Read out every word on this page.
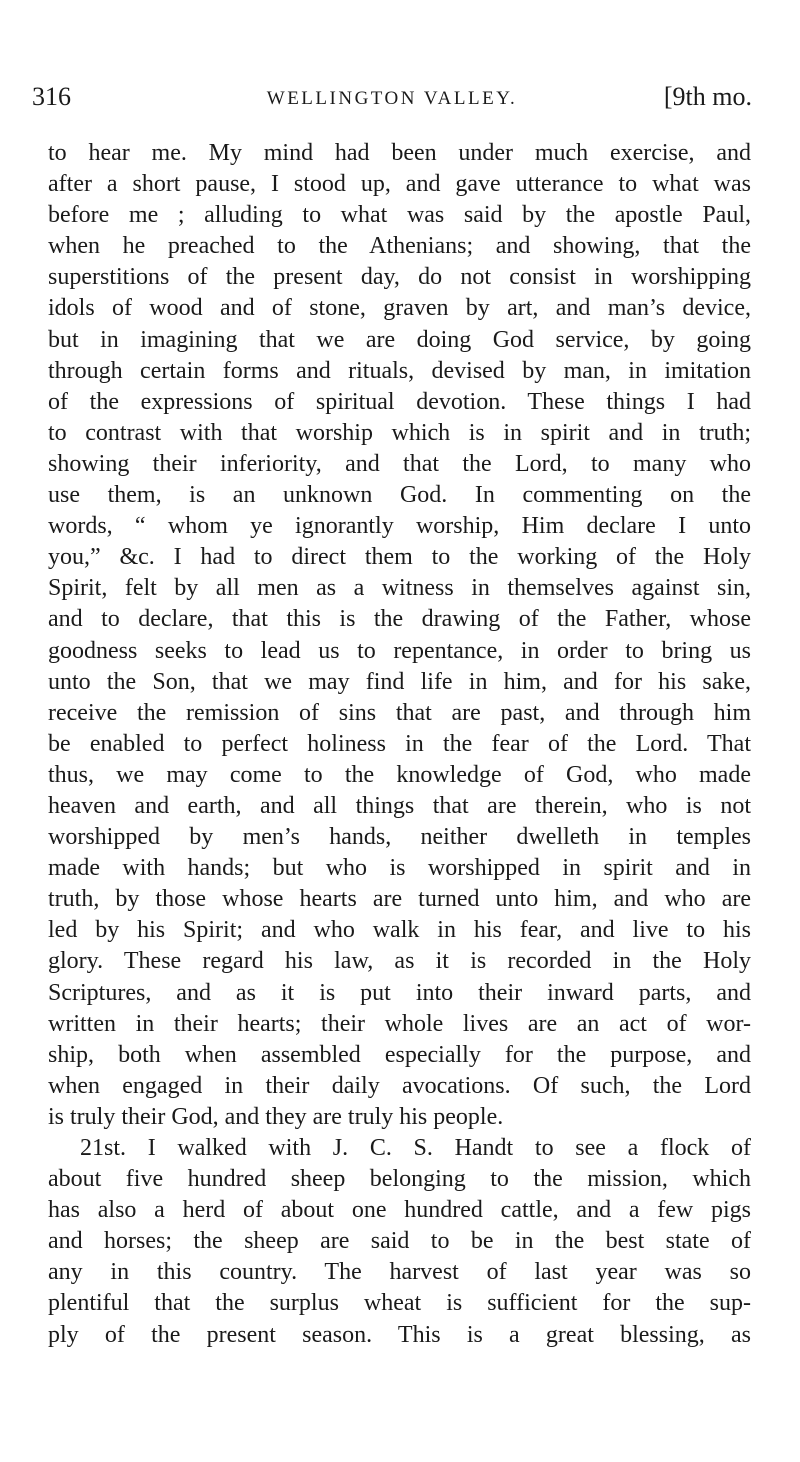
316	WELLINGTON VALLEY.	[9th mo.
to hear me. My mind had been under much exercise, and
after a short pause, I stood up, and gave utterance to what was
before me ; alluding to what was said by the apostle Paul,
when he preached to the Athenians; and showing, that the
superstitions of the present day, do not consist in worshipping
idols of wood and of stone, graven by art, and man’s device,
but in imagining that we are doing God service, by going
through certain forms and rituals, devised by man, in imitation
of the expressions of spiritual devotion. These things I had
to contrast with that worship which is in spirit and in truth;
showing their inferiority, and that the Lord, to many who
use them, is an unknown God. In commenting on the
words, “ whom ye ignorantly worship, Him declare I unto
you,” &c. I had to direct them to the working of the Holy
Spirit, felt by all men as a witness in themselves against sin,
and to declare, that this is the drawing of the Father, whose
goodness seeks to lead us to repentance, in order to bring us
unto the Son, that we may find life in him, and for his sake,
receive the remission of sins that are past, and through him
be enabled to perfect holiness in the fear of the Lord. That
thus, we may come to the knowledge of God, who made
heaven and earth, and all things that are therein, who is not
worshipped by men’s hands, neither dwelleth in temples
made with hands; but who is worshipped in spirit and in
truth, by those whose hearts are turned unto him, and who are
led by his Spirit; and who walk in his fear, and live to his
glory. These regard his law, as it is recorded in the Holy
Scriptures, and as it is put into their inward parts, and
written in their hearts; their whole lives are an act of wor-
ship, both when assembled especially for the purpose, and
when engaged in their daily avocations. Of such, the Lord
is truly their God, and they are truly his people.
21st. I walked with J. C. S. Handt to see a flock of
about five hundred sheep belonging to the mission, which
has also a herd of about one hundred cattle, and a few pigs
and horses; the sheep are said to be in the best state of
any in this country. The harvest of last year was so
plentiful that the surplus wheat is sufficient for the sup-
ply of the present season. This is a great blessing, as
